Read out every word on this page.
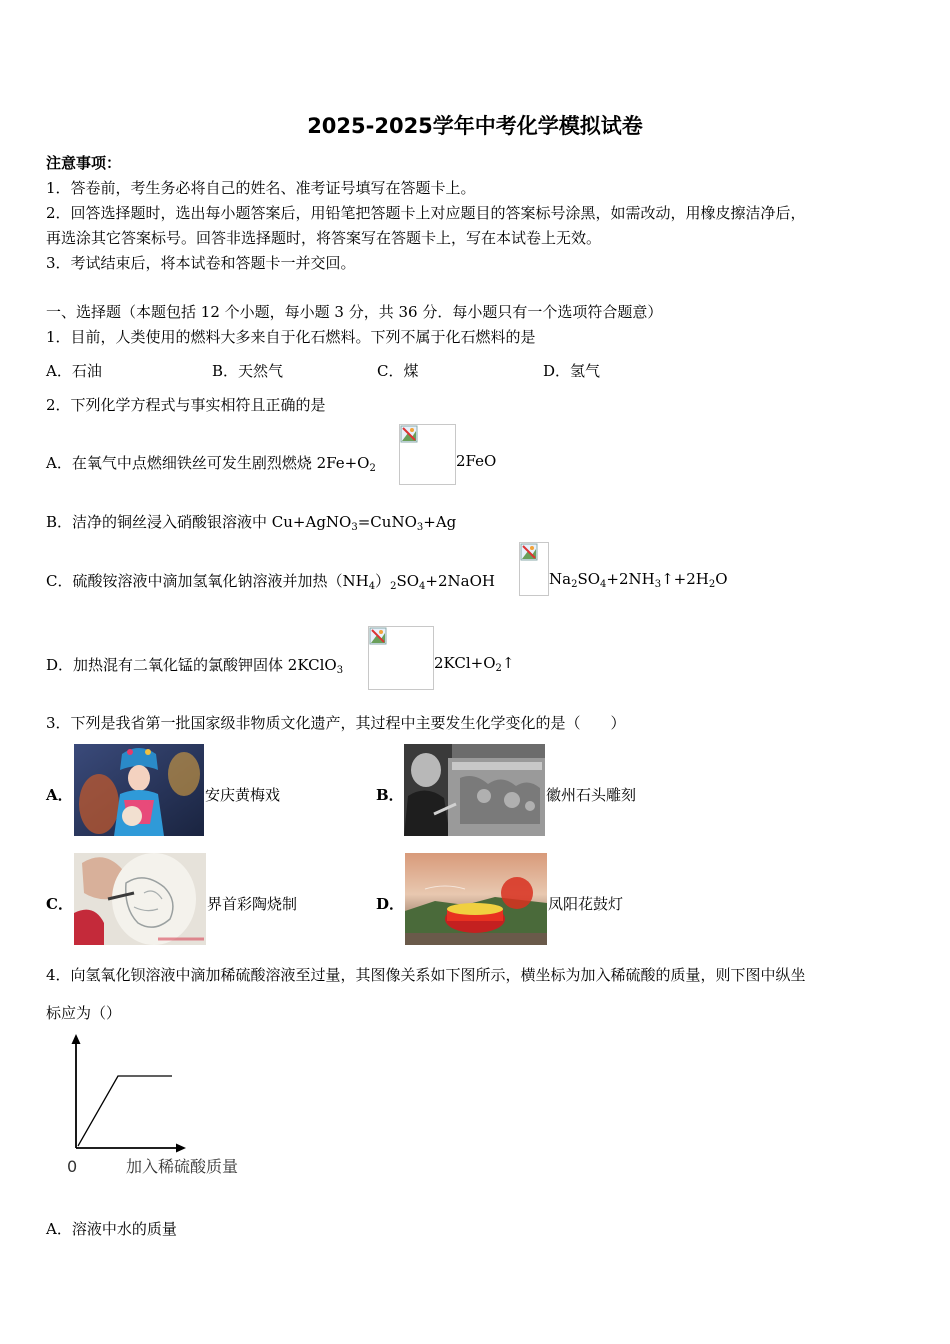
2025-2025学年中考化学模拟试卷
注意事项：
1．答卷前，考生务必将自己的姓名、准考证号填写在答题卡上。
2．回答选择题时，选出每小题答案后，用铅笔把答题卡上对应题目的答案标号涂黑，如需改动，用橡皮擦洁净后，
再选涂其它答案标号。回答非选择题时，将答案写在答题卡上，写在本试卷上无效。
3．考试结束后，将本试卷和答题卡一并交回。
一、选择题（本题包括 12 个小题，每小题 3 分，共 36 分．每小题只有一个选项符合题意）
1．目前，人类使用的燃料大多来自于化石燃料。下列不属于化石燃料的是
A．石油	B．天然气	C．煤	D．氢气
2．下列化学方程式与事实相符且正确的是
A．在氧气中点燃细铁丝可发生剧烈燃烧 $2Fe+O_2$	2FeO
B．洁净的铜丝浸入硝酸银溶液中 Cu+AgNO$_3$=CuNO$_3$+Ag
C．硫酸铵溶液中滴加氢氧化钠溶液并加热$(NH_4)_2SO_4+2NaOH$	$Na_2SO_4+2NH_3↑+2H_2O$
D．加热混有二氧化锰的氯酸钾固体 2KClO$_3$	$2KCl+O_2↑$
3．下列是我省第一批国家级非物质文化遗产，其过程中主要发生化学变化的是（　　）
A．	安庆黄梅戏	B．	徽州石头雕刻
C．	界首彩陶烧制	D．	凤阳花鼓灯
4．向氢氧化钡溶液中滴加稀硫酸溶液至过量，其图像关系如下图所示，横坐标为加入稀硫酸的质量，则下图中纵坐
标应为（）
0	加入稀硫酸质量
A．溶液中水的质量
